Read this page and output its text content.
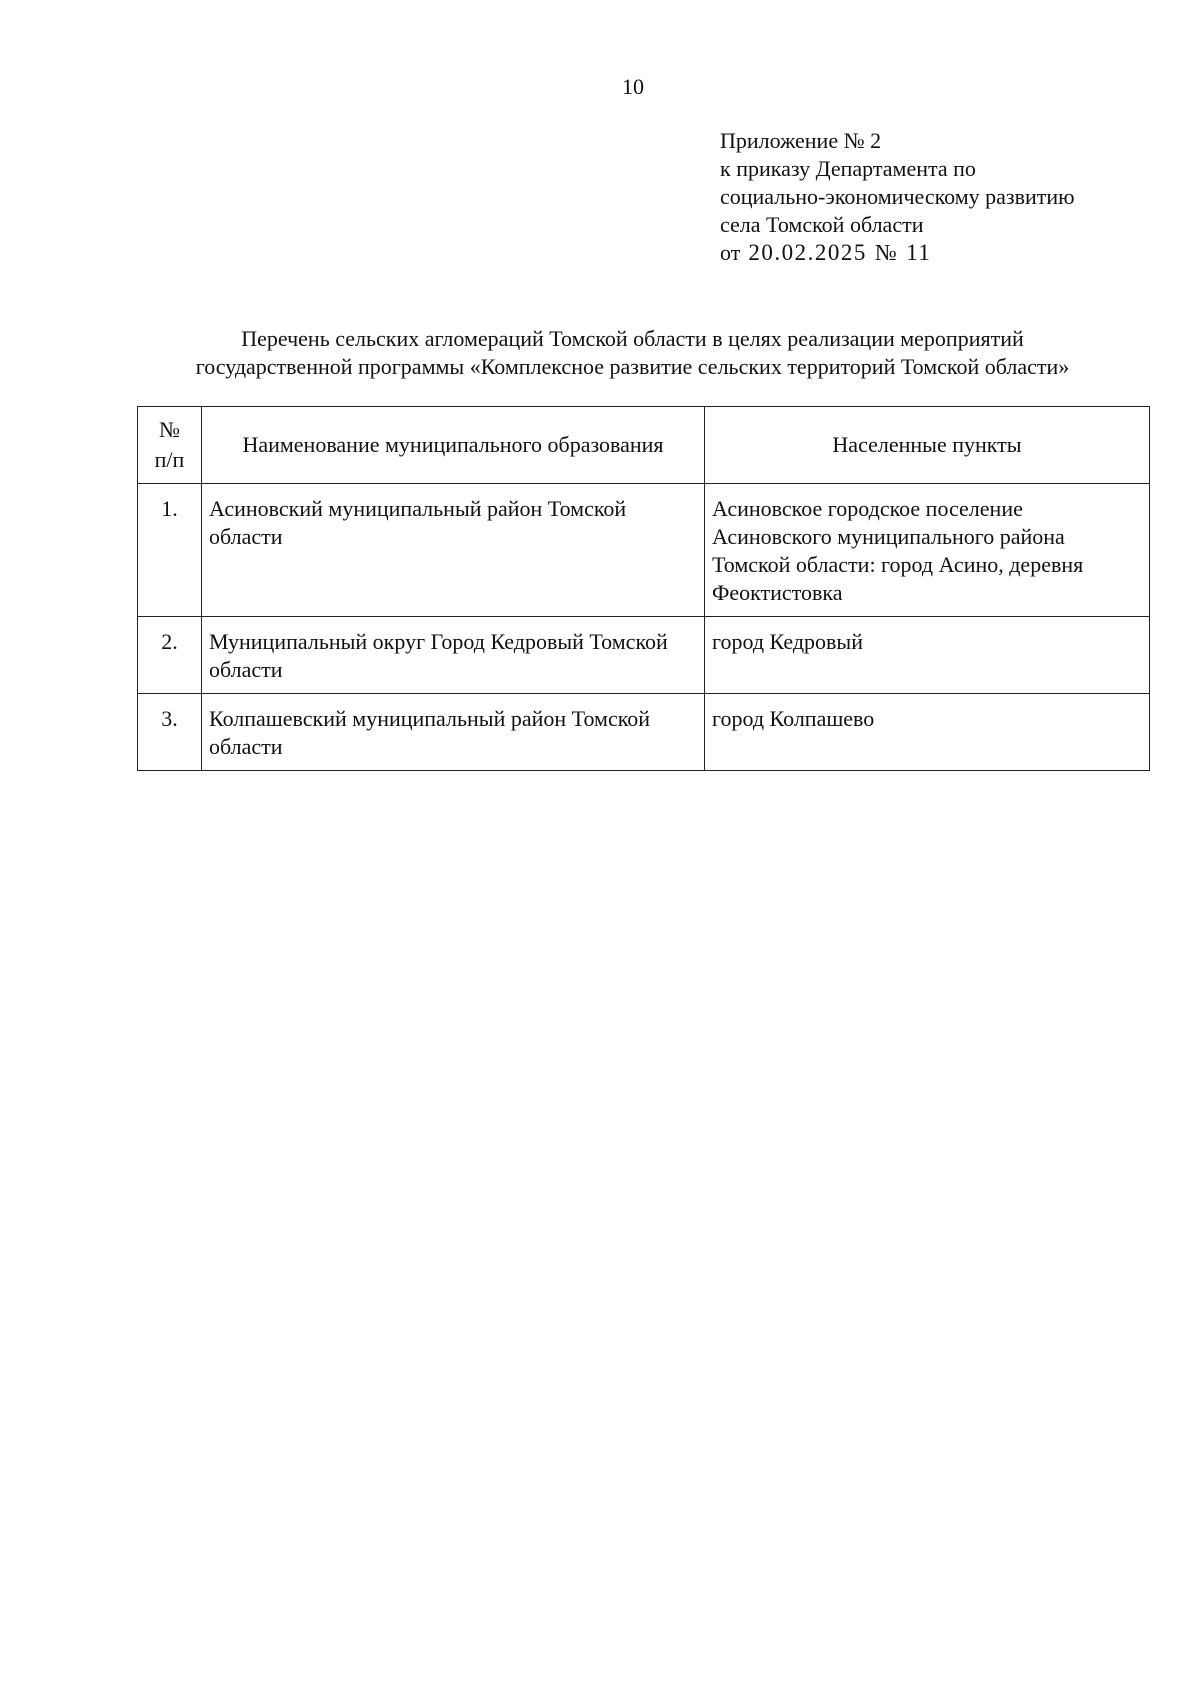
10
Приложение № 2
к приказу Департамента по
социально-экономическому развитию
села Томской области
от 20.02.2025 № 11
Перечень сельских агломераций Томской области в целях реализации мероприятий
государственной программы «Комплексное развитие сельских территорий Томской области»
№
п/п	Наименование муниципального образования	Населенные пункты
1.	Асиновский муниципальный район Томской области	Асиновское городское поселение Асиновского муниципального района Томской области: город Асино, деревня Феоктистовка
2.	Муниципальный округ Город Кедровый Томской области	город Кедровый
3.	Колпашевский муниципальный район Томской области	город Колпашево
